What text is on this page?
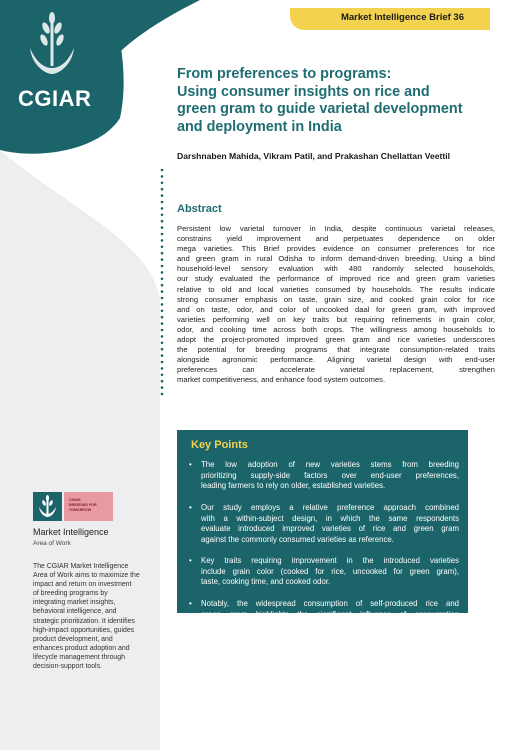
CGIAR
Market Intelligence Brief 36
From preferences to programs:
Using consumer insights on rice and
green gram to guide varietal development
and deployment in India
Darshnaben Mahida, Vikram Patil, and Prakashan Chellattan Veettil
Abstract
Persistent low varietal turnover in India, despite continuous varietal releases,
constrains yield improvement and perpetuates dependence on older
mega varieties. This Brief provides evidence on consumer preferences for rice
and green gram in rural Odisha to inform demand-driven breeding. Using a blind
household-level sensory evaluation with 480 randomly selected households,
our study evaluated the performance of improved rice and green gram varieties
relative to old and local varieties consumed by households. The results indicate
strong consumer emphasis on taste, grain size, and cooked grain color for rice
and on taste, odor, and color of uncooked daal for green gram, with improved
varieties performing well on key traits but requiring refinements in grain color,
odor, and cooking time across both crops. The willingness among households to
adopt the project-promoted improved green gram and rice varieties underscores
the potential for breeding programs that integrate consumption-related traits
alongside agronomic performance. Aligning varietal design with end-user
preferences can accelerate varietal replacement, strengthen
market competitiveness, and enhance food system outcomes.
Key Points
• The low adoption of new varieties stems from breeding
prioritizing supply-side factors over end-user preferences,
leading farmers to rely on older, established varieties.
• Our study employs a relative preference approach combined
with a within-subject design, in which the same respondents
evaluate introduced improved varieties of rice and green gram
against the commonly consumed varieties as reference.
• Key traits requiring improvement in the introduced varieties
include grain color (cooked for rice, uncooked for green gram),
taste, cooking time, and cooked odor.
• Notably, the widespread consumption of self-produced rice and
green gram highlights the significant influence of consumption
trait preferences on varietal selection for cultivation.
CGIAR
BREEDING FOR
TOMORROW
Market Intelligence
Area of Work
The CGIAR Market Intelligence
Area of Work aims to maximize the
impact and return on investment
of breeding programs by
integrating market insights,
behavioral intelligence, and
strategic prioritization. It identifies
high-impact opportunities, guides
product development, and
enhances product adoption and
lifecycle management through
decision-support tools.
